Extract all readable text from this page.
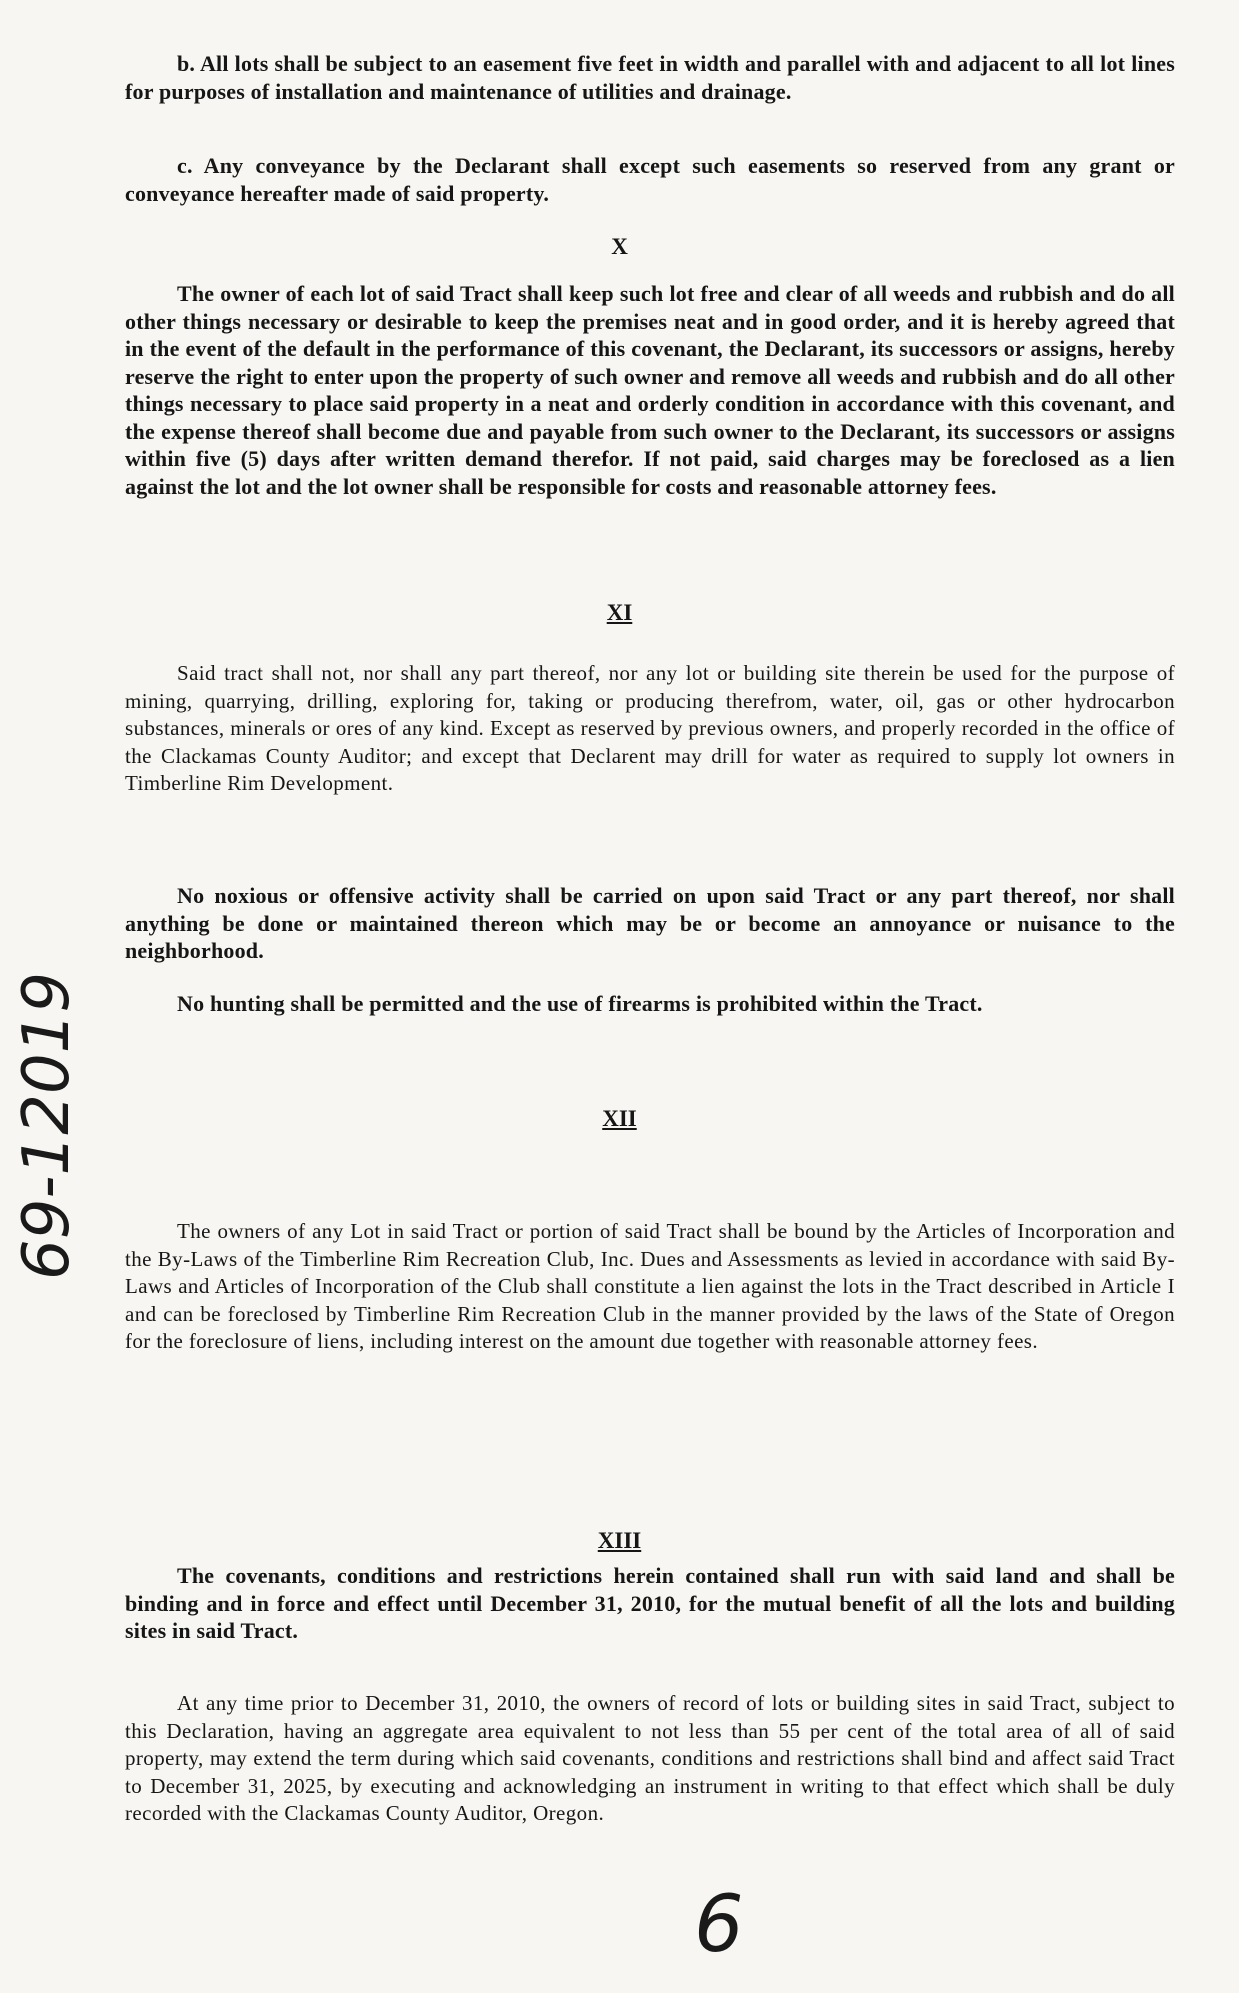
b. All lots shall be subject to an easement five feet in width and parallel with and adjacent to all lot lines for purposes of installation and maintenance of utilities and drainage.

c. Any conveyance by the Declarant shall except such easements so reserved from any grant or conveyance hereafter made of said property.

X

The owner of each lot of said Tract shall keep such lot free and clear of all weeds and rubbish and do all other things necessary or desirable to keep the premises neat and in good order, and it is hereby agreed that in the event of the default in the performance of this covenant, the Declarant, its successors or assigns, hereby reserve the right to enter upon the property of such owner and remove all weeds and rubbish and do all other things necessary to place said property in a neat and orderly condition in accordance with this covenant, and the expense thereof shall become due and payable from such owner to the Declarant, its successors or assigns within five (5) days after written demand therefor. If not paid, said charges may be foreclosed as a lien against the lot and the lot owner shall be responsible for costs and reasonable attorney fees.

XI

Said tract shall not, nor shall any part thereof, nor any lot or building site therein be used for the purpose of mining, quarrying, drilling, exploring for, taking or producing therefrom, water, oil, gas or other hydrocarbon substances, minerals or ores of any kind. Except as reserved by previous owners, and properly recorded in the office of the Clackamas County Auditor; and except that Declarent may drill for water as required to supply lot owners in Timberline Rim Development.

No noxious or offensive activity shall be carried on upon said Tract or any part thereof, nor shall anything be done or maintained thereon which may be or become an annoyance or nuisance to the neighborhood.

No hunting shall be permitted and the use of firearms is prohibited within the Tract.

XII

The owners of any Lot in said Tract or portion of said Tract shall be bound by the Articles of Incorporation and the By-Laws of the Timberline Rim Recreation Club, Inc. Dues and Assessments as levied in accordance with said By-Laws and Articles of Incorporation of the Club shall constitute a lien against the lots in the Tract described in Article I and can be foreclosed by Timberline Rim Recreation Club in the manner provided by the laws of the State of Oregon for the foreclosure of liens, including interest on the amount due together with reasonable attorney fees.

XIII

The covenants, conditions and restrictions herein contained shall run with said land and shall be binding and in force and effect until December 31, 2010, for the mutual benefit of all the lots and building sites in said Tract.

At any time prior to December 31, 2010, the owners of record of lots or building sites in said Tract, subject to this Declaration, having an aggregate area equivalent to not less than 55 per cent of the total area of all of said property, may extend the term during which said covenants, conditions and restrictions shall bind and affect said Tract to December 31, 2025, by executing and acknowledging an instrument in writing to that effect which shall be duly recorded with the Clackamas County Auditor, Oregon.

69-12019

6
